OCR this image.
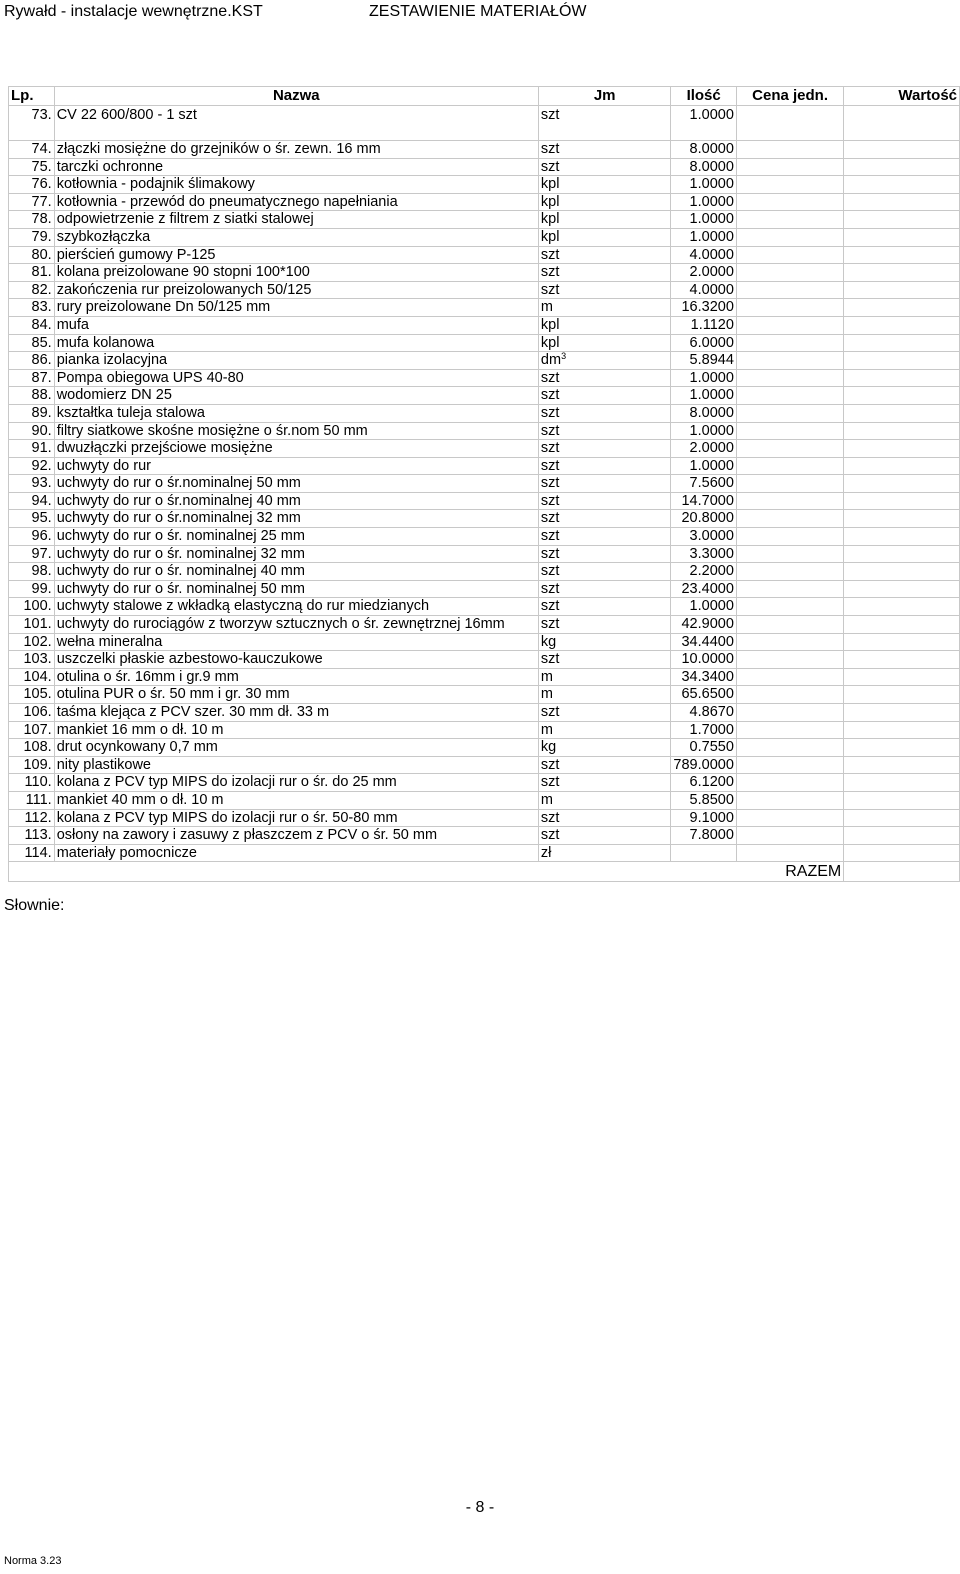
Rywałd - instalacje wewnętrzne.KST	ZESTAWIENIE MATERIAŁÓW
Lp.	Nazwa	Jm	Ilość	Cena jedn.	Wartość
73.	CV 22 600/800 - 1 szt	szt	1.0000		
74.	złączki mosiężne do grzejników o śr. zewn. 16 mm	szt	8.0000		
75.	tarczki ochronne	szt	8.0000		
76.	kotłownia - podajnik ślimakowy	kpl	1.0000		
77.	kotłownia - przewód do pneumatycznego napełniania	kpl	1.0000		
78.	odpowietrzenie z filtrem z siatki stalowej	kpl	1.0000		
79.	szybkozłączka	kpl	1.0000		
80.	pierścień gumowy P-125	szt	4.0000		
81.	kolana preizolowane 90 stopni 100*100	szt	2.0000		
82.	zakończenia rur preizolowanych 50/125	szt	4.0000		
83.	rury preizolowane Dn 50/125 mm	m	16.3200		
84.	mufa	kpl	1.1120		
85.	mufa kolanowa	kpl	6.0000		
86.	pianka izolacyjna	$dm^3$	5.8944		
87.	Pompa obiegowa UPS 40-80	szt	1.0000		
88.	wodomierz DN 25	szt	1.0000		
89.	kształtka tuleja stalowa	szt	8.0000		
90.	filtry siatkowe skośne mosiężne o śr.nom 50 mm	szt	1.0000		
91.	dwuzłączki przejściowe mosiężne	szt	2.0000		
92.	uchwyty do rur	szt	1.0000		
93.	uchwyty do rur o śr.nominalnej 50 mm	szt	7.5600		
94.	uchwyty do rur o śr.nominalnej 40 mm	szt	14.7000		
95.	uchwyty do rur o śr.nominalnej 32 mm	szt	20.8000		
96.	uchwyty do rur o śr. nominalnej 25 mm	szt	3.0000		
97.	uchwyty do rur o śr. nominalnej 32 mm	szt	3.3000		
98.	uchwyty do rur o śr. nominalnej 40 mm	szt	2.2000		
99.	uchwyty do rur o śr. nominalnej 50 mm	szt	23.4000		
100.	uchwyty stalowe z wkładką elastyczną do rur miedzianych	szt	1.0000		
101.	uchwyty do rurociągów z tworzyw sztucznych o śr. zewnętrznej 16mm	szt	42.9000		
102.	wełna mineralna	kg	34.4400		
103.	uszczelki płaskie azbestowo-kauczukowe	szt	10.0000		
104.	otulina o śr. 16mm i gr.9 mm	m	34.3400		
105.	otulina PUR o śr. 50 mm i gr. 30 mm	m	65.6500		
106.	taśma klejąca z PCV szer. 30 mm dł. 33 m	szt	4.8670		
107.	mankiet 16 mm o dł. 10 m	m	1.7000		
108.	drut ocynkowany 0,7 mm	kg	0.7550		
109.	nity plastikowe	szt	789.0000		
110.	kolana z PCV typ MIPS do izolacji rur o śr. do 25 mm	szt	6.1200		
111.	mankiet 40 mm o dł. 10 m	m	5.8500		
112.	kolana z PCV typ MIPS do izolacji rur o śr. 50-80 mm	szt	9.1000		
113.	osłony na zawory i zasuwy z płaszczem z PCV o śr. 50 mm	szt	7.8000		
114.	materiały pomocnicze	zł			
RAZEM					
Słownie:
- 8 -
Norma 3.23
